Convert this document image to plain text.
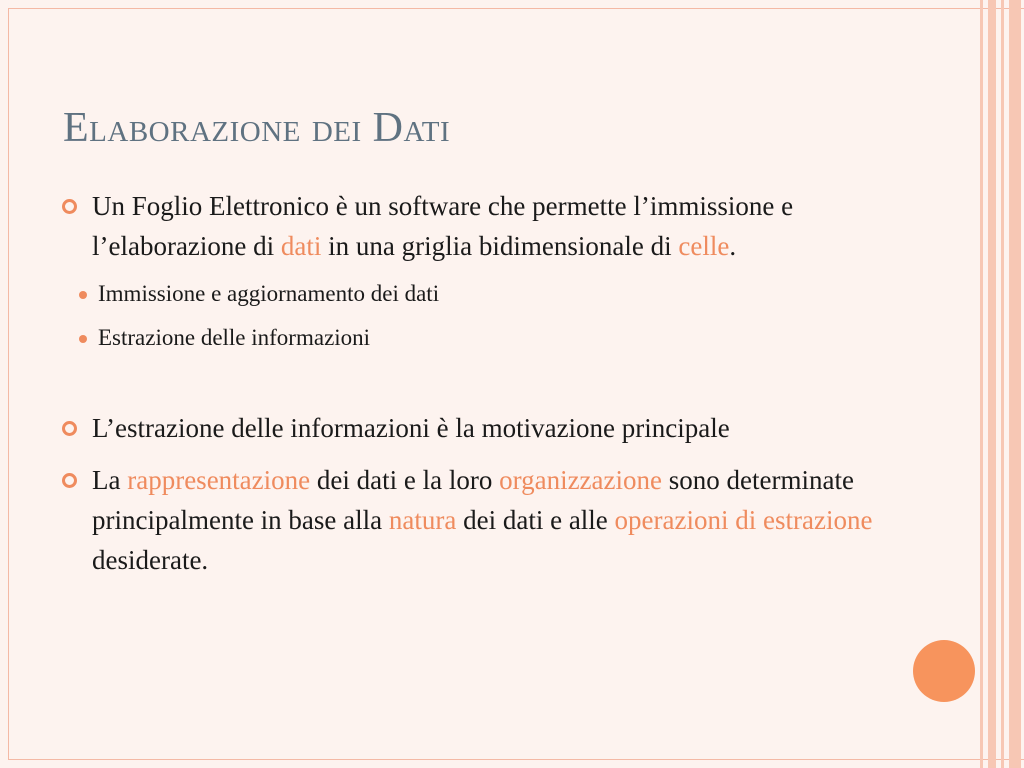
Elaborazione dei Dati
Un Foglio Elettronico è un software che permette l’immissione e l’elaborazione di dati in una griglia bidimensionale di celle.
Immissione e aggiornamento dei dati
Estrazione delle informazioni
L’estrazione delle informazioni è la motivazione principale
La rappresentazione dei dati e la loro organizzazione sono determinate principalmente in base alla natura dei dati e alle operazioni di estrazione desiderate.
